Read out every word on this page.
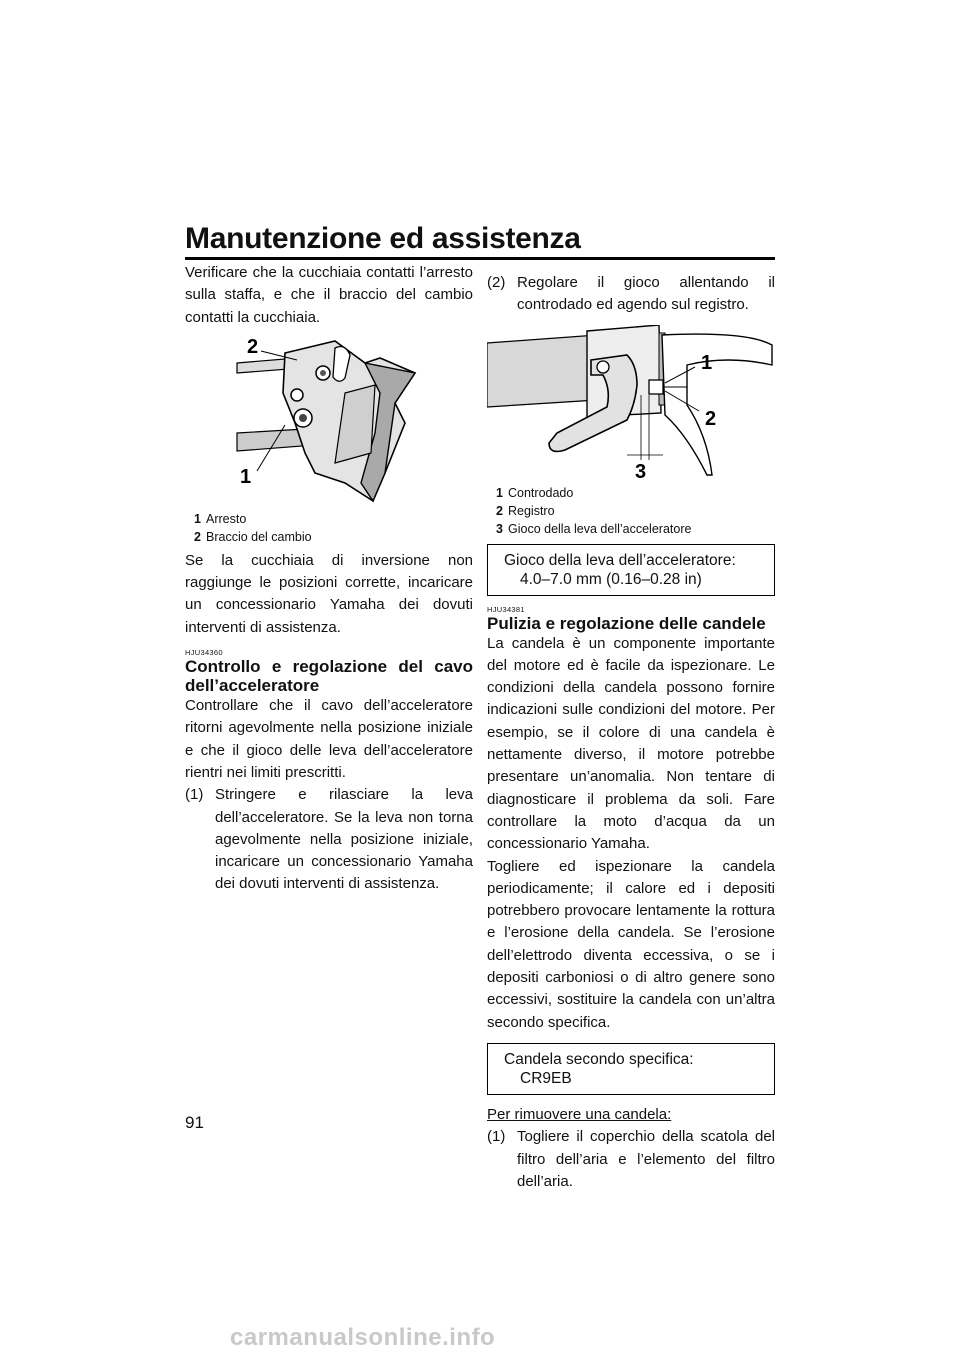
Manutenzione ed assistenza

Verificare che la cucchiaia contatti l’arresto sulla staffa, e che il braccio del cambio contatti la cucchiaia.

2
1
1 Arresto
2 Braccio del cambio

Se la cucchiaia di inversione non raggiunge le posizioni corrette, incaricare un concessionario Yamaha dei dovuti interventi di assistenza.

HJU34360
Controllo e regolazione del cavo dell’acceleratore

Controllare che il cavo dell’acceleratore ritorni agevolmente nella posizione iniziale e che il gioco delle leva dell’acceleratore rientri nei limiti prescritti.

(1) Stringere e rilasciare la leva dell’acceleratore. Se la leva non torna agevolmente nella posizione iniziale, incaricare un concessionario Yamaha dei dovuti interventi di assistenza.
(2) Regolare il gioco allentando il controdado ed agendo sul registro.
1
2
3
1 Controdado
2 Registro
3 Gioco della leva dell’acceleratore
Gioco della leva dell’acceleratore:
4.0–7.0 mm (0.16–0.28 in)
HJU34381
Pulizia e regolazione delle candele

La candela è un componente importante del motore ed è facile da ispezionare. Le condizioni della candela possono fornire indicazioni sulle condizioni del motore. Per esempio, se il colore di una candela è nettamente diverso, il motore potrebbe presentare un’anomalia. Non tentare di diagnosticare il problema da soli. Fare controllare la moto d’acqua da un concessionario Yamaha.

Togliere ed ispezionare la candela periodicamente; il calore ed i depositi potrebbero provocare lentamente la rottura e l’erosione della candela. Se l’erosione dell’elettrodo diventa eccessiva, o se i depositi carboniosi o di altro genere sono eccessivi, sostituire la candela con un’altra secondo specifica.

Candela secondo specifica:
CR9EB

Per rimuovere una candela:

(1) Togliere il coperchio della scatola del filtro dell’aria e l’elemento del filtro dell’aria.
91
carmanualsonline.info
